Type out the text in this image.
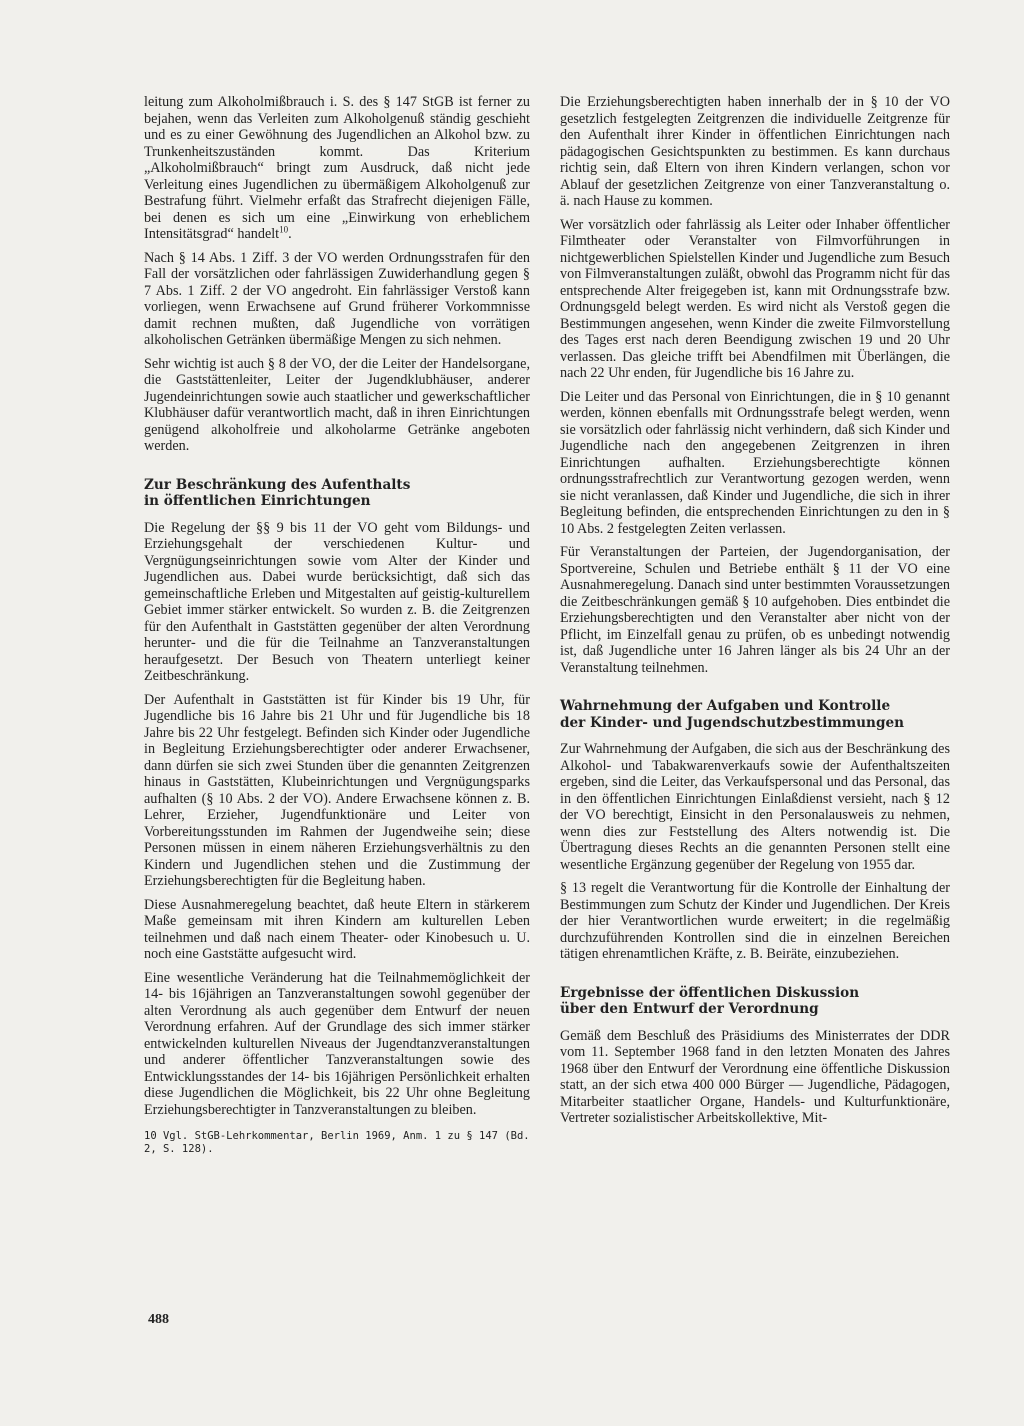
leitung zum Alkoholmißbrauch i. S. des § 147 StGB ist ferner zu bejahen, wenn das Verleiten zum Alkoholgenuß ständig geschieht und es zu einer Gewöhnung des Jugendlichen an Alkohol bzw. zu Trunkenheitszuständen kommt. Das Kriterium „Alkoholmißbrauch“ bringt zum Ausdruck, daß nicht jede Verleitung eines Jugendlichen zu übermäßigem Alkoholgenuß zur Bestrafung führt. Vielmehr erfaßt das Strafrecht diejenigen Fälle, bei denen es sich um eine „Einwirkung von erheblichem Intensitätsgrad“ handelt$^{10}$.

Nach § 14 Abs. 1 Ziff. 3 der VO werden Ordnungsstrafen für den Fall der vorsätzlichen oder fahrlässigen Zuwiderhandlung gegen § 7 Abs. 1 Ziff. 2 der VO angedroht. Ein fahrlässiger Verstoß kann vorliegen, wenn Erwachsene auf Grund früherer Vorkommnisse damit rechnen mußten, daß Jugendliche von vorrätigen alkoholischen Getränken übermäßige Mengen zu sich nehmen.

Sehr wichtig ist auch § 8 der VO, der die Leiter der Handelsorgane, die Gaststättenleiter, Leiter der Jugendklubhäuser, anderer Jugendeinrichtungen sowie auch staatlicher und gewerkschaftlicher Klubhäuser dafür verantwortlich macht, daß in ihren Einrichtungen genügend alkoholfreie und alkoholarme Getränke angeboten werden.

Zur Beschränkung des Aufenthalts
in öffentlichen Einrichtungen

Die Regelung der §§ 9 bis 11 der VO geht vom Bildungs- und Erziehungsgehalt der verschiedenen Kultur- und Vergnügungseinrichtungen sowie vom Alter der Kinder und Jugendlichen aus. Dabei wurde berücksichtigt, daß sich das gemeinschaftliche Erleben und Mitgestalten auf geistig-kulturellem Gebiet immer stärker entwickelt. So wurden z. B. die Zeitgrenzen für den Aufenthalt in Gaststätten gegenüber der alten Verordnung herunter- und die für die Teilnahme an Tanzveranstaltungen heraufgesetzt. Der Besuch von Theatern unterliegt keiner Zeitbeschränkung.

Der Aufenthalt in Gaststätten ist für Kinder bis 19 Uhr, für Jugendliche bis 16 Jahre bis 21 Uhr und für Jugendliche bis 18 Jahre bis 22 Uhr festgelegt. Befinden sich Kinder oder Jugendliche in Begleitung Erziehungsberechtigter oder anderer Erwachsener, dann dürfen sie sich zwei Stunden über die genannten Zeitgrenzen hinaus in Gaststätten, Klubeinrichtungen und Vergnügungsparks aufhalten (§ 10 Abs. 2 der VO). Andere Erwachsene können z. B. Lehrer, Erzieher, Jugendfunktionäre und Leiter von Vorbereitungsstunden im Rahmen der Jugendweihe sein; diese Personen müssen in einem näheren Erziehungsverhältnis zu den Kindern und Jugendlichen stehen und die Zustimmung der Erziehungsberechtigten für die Begleitung haben.

Diese Ausnahmeregelung beachtet, daß heute Eltern in stärkerem Maße gemeinsam mit ihren Kindern am kulturellen Leben teilnehmen und daß nach einem Theater- oder Kinobesuch u. U. noch eine Gaststätte aufgesucht wird.

Eine wesentliche Veränderung hat die Teilnahmemöglichkeit der 14- bis 16jährigen an Tanzveranstaltungen sowohl gegenüber der alten Verordnung als auch gegenüber dem Entwurf der neuen Verordnung erfahren. Auf der Grundlage des sich immer stärker entwickelnden kulturellen Niveaus der Jugendtanzveranstaltungen und anderer öffentlicher Tanzveranstaltungen sowie des Entwicklungsstandes der 14- bis 16jährigen Persönlichkeit erhalten diese Jugendlichen die Möglichkeit, bis 22 Uhr ohne Begleitung Erziehungsberechtigter in Tanzveranstaltungen zu bleiben.

10 Vgl. StGB-Lehrkommentar, Berlin 1969, Anm. 1 zu § 147 (Bd. 2, S. 128).

Die Erziehungsberechtigten haben innerhalb der in § 10 der VO gesetzlich festgelegten Zeitgrenzen die individuelle Zeitgrenze für den Aufenthalt ihrer Kinder in öffentlichen Einrichtungen nach pädagogischen Gesichtspunkten zu bestimmen. Es kann durchaus richtig sein, daß Eltern von ihren Kindern verlangen, schon vor Ablauf der gesetzlichen Zeitgrenze von einer Tanzveranstaltung o. ä. nach Hause zu kommen.

Wer vorsätzlich oder fahrlässig als Leiter oder Inhaber öffentlicher Filmtheater oder Veranstalter von Filmvorführungen in nichtgewerblichen Spielstellen Kinder und Jugendliche zum Besuch von Filmveranstaltungen zuläßt, obwohl das Programm nicht für das entsprechende Alter freigegeben ist, kann mit Ordnungsstrafe bzw. Ordnungsgeld belegt werden. Es wird nicht als Verstoß gegen die Bestimmungen angesehen, wenn Kinder die zweite Filmvorstellung des Tages erst nach deren Beendigung zwischen 19 und 20 Uhr verlassen. Das gleiche trifft bei Abendfilmen mit Überlängen, die nach 22 Uhr enden, für Jugendliche bis 16 Jahre zu.

Die Leiter und das Personal von Einrichtungen, die in § 10 genannt werden, können ebenfalls mit Ordnungsstrafe belegt werden, wenn sie vorsätzlich oder fahrlässig nicht verhindern, daß sich Kinder und Jugendliche nach den angegebenen Zeitgrenzen in ihren Einrichtungen aufhalten. Erziehungsberechtigte können ordnungsstrafrechtlich zur Verantwortung gezogen werden, wenn sie nicht veranlassen, daß Kinder und Jugendliche, die sich in ihrer Begleitung befinden, die entsprechenden Einrichtungen zu den in § 10 Abs. 2 festgelegten Zeiten verlassen.

Für Veranstaltungen der Parteien, der Jugendorganisation, der Sportvereine, Schulen und Betriebe enthält § 11 der VO eine Ausnahmeregelung. Danach sind unter bestimmten Voraussetzungen die Zeitbeschränkungen gemäß § 10 aufgehoben. Dies entbindet die Erziehungsberechtigten und den Veranstalter aber nicht von der Pflicht, im Einzelfall genau zu prüfen, ob es unbedingt notwendig ist, daß Jugendliche unter 16 Jahren länger als bis 24 Uhr an der Veranstaltung teilnehmen.

Wahrnehmung der Aufgaben und Kontrolle
der Kinder- und Jugendschutzbestimmungen

Zur Wahrnehmung der Aufgaben, die sich aus der Beschränkung des Alkohol- und Tabakwarenverkaufs sowie der Aufenthaltszeiten ergeben, sind die Leiter, das Verkaufspersonal und das Personal, das in den öffentlichen Einrichtungen Einlaßdienst versieht, nach § 12 der VO berechtigt, Einsicht in den Personalausweis zu nehmen, wenn dies zur Feststellung des Alters notwendig ist. Die Übertragung dieses Rechts an die genannten Personen stellt eine wesentliche Ergänzung gegenüber der Regelung von 1955 dar.

§ 13 regelt die Verantwortung für die Kontrolle der Einhaltung der Bestimmungen zum Schutz der Kinder und Jugendlichen. Der Kreis der hier Verantwortlichen wurde erweitert; in die regelmäßig durchzuführenden Kontrollen sind die in einzelnen Bereichen tätigen ehrenamtlichen Kräfte, z. B. Beiräte, einzubeziehen.

Ergebnisse der öffentlichen Diskussion
über den Entwurf der Verordnung

Gemäß dem Beschluß des Präsidiums des Ministerrates der DDR vom 11. September 1968 fand in den letzten Monaten des Jahres 1968 über den Entwurf der Verordnung eine öffentliche Diskussion statt, an der sich etwa 400 000 Bürger — Jugendliche, Pädagogen, Mitarbeiter staatlicher Organe, Handels- und Kulturfunktionäre, Vertreter sozialistischer Arbeitskollektive, Mit-

488
